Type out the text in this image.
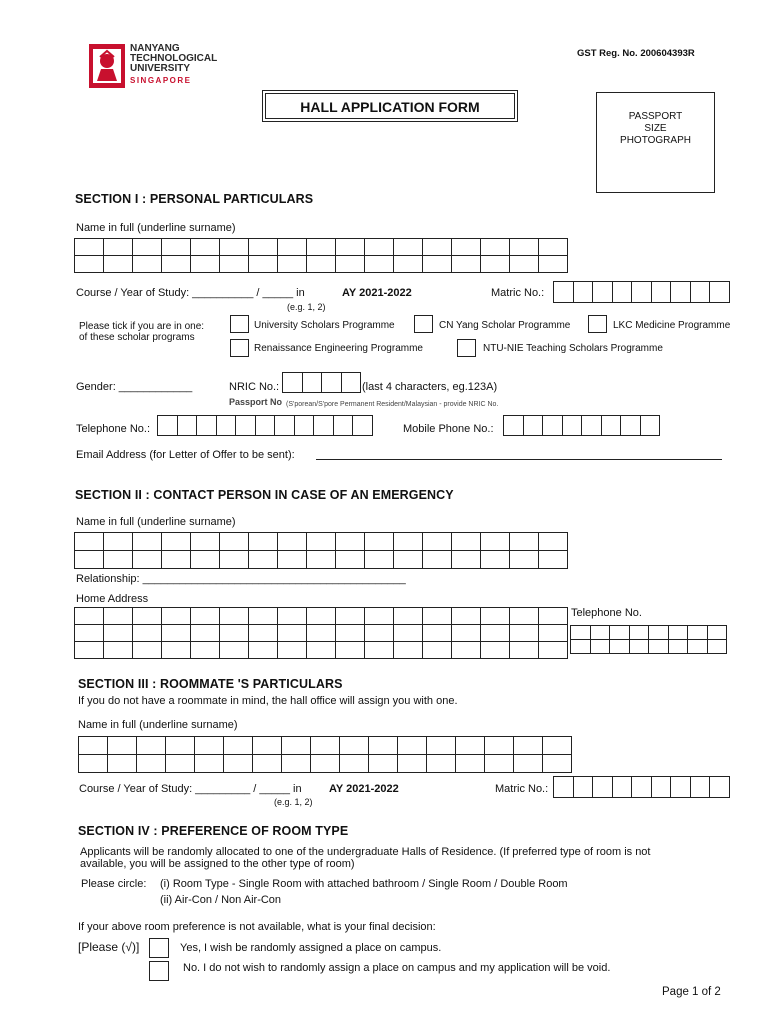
NANYANG
TECHNOLOGICAL
UNIVERSITY
SINGAPORE
GST Reg. No. 200604393R
HALL APPLICATION FORM
PASSPORT
SIZE
PHOTOGRAPH
SECTION I : PERSONAL PARTICULARS
Name in full (underline surname)

Course / Year of Study: __________ / _____ in	AY 2021-2022
(e.g. 1, 2)
Matric No.:

Please tick if you are in one:
of these scholar programs
University Scholars Programme	CN Yang Scholar Programme	LKC Medicine Programme
Renaissance Engineering Programme	NTU-NIE Teaching Scholars Programme
Gender: ____________	NRIC No.:
				(last 4 characters, eg.123A)
Passport No (S'porean/S'pore Permanent Resident/Malaysian - provide NRIC No.
Telephone No.:
											Mobile Phone No.:

Email Address (for Letter of Offer to be sent):
SECTION II : CONTACT PERSON IN CASE OF AN EMERGENCY
Name in full (underline surname)

Relationship: ___________________________________________
Home Address

Telephone No.

SECTION III : ROOMMATE 'S PARTICULARS
If you do not have a roommate in mind, the hall office will assign you with one.
Name in full (underline surname)

Course / Year of Study: _________ / _____ in AY 2021-2022
(e.g. 1, 2)
Matric No.:

SECTION IV : PREFERENCE OF ROOM TYPE
Applicants will be randomly allocated to one of the undergraduate Halls of Residence. (If preferred type of room is not
available, you will be assigned to the other type of room)
Please circle: (i) Room Type - Single Room with attached bathroom / Single Room / Double Room
(ii) Air-Con / Non Air-Con
If your above room preference is not available, what is your final decision:
[Please (√)]	Yes, I wish be randomly assigned a place on campus.
No. I do not wish to randomly assign a place on campus and my application will be void.
Page 1 of 2
